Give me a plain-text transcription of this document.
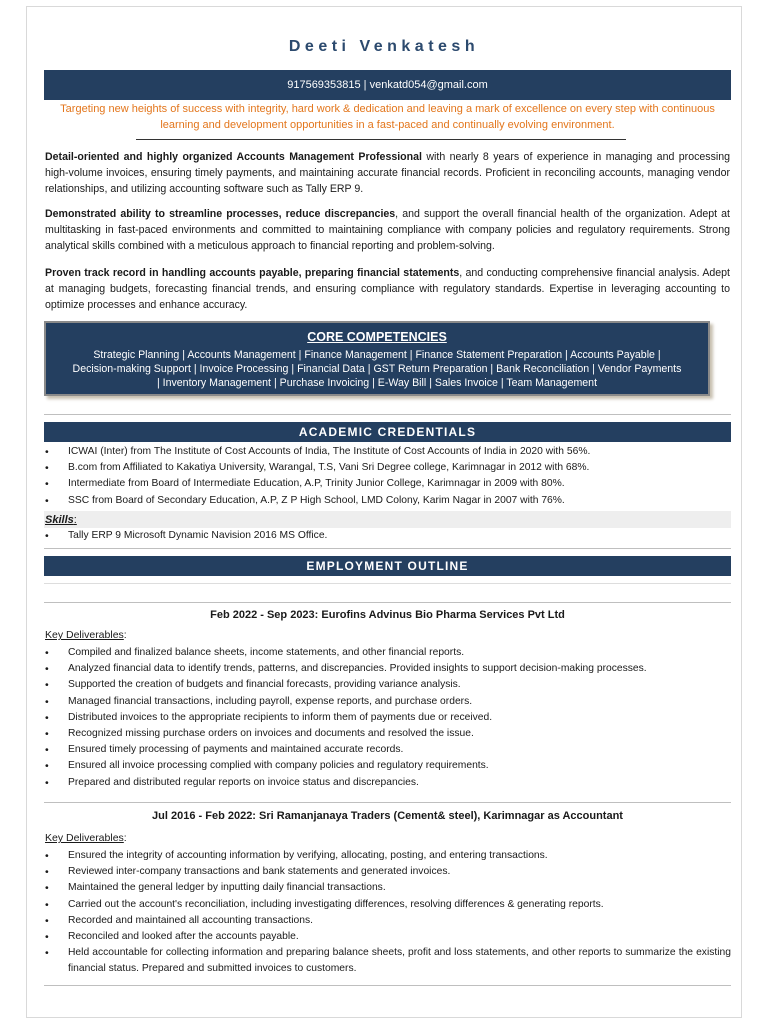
Deeti Venkatesh
917569353815 | venkatd054@gmail.com
Targeting new heights of success with integrity, hard work & dedication and leaving a mark of excellence on every step with continuous learning and development opportunities in a fast-paced and continually evolving environment.
Detail-oriented and highly organized Accounts Management Professional with nearly 8 years of experience in managing and processing high-volume invoices, ensuring timely payments, and maintaining accurate financial records. Proficient in reconciling accounts, managing vendor relationships, and utilizing accounting software such as Tally ERP 9.
Demonstrated ability to streamline processes, reduce discrepancies, and support the overall financial health of the organization. Adept at multitasking in fast-paced environments and committed to maintaining compliance with company policies and regulatory requirements. Strong analytical skills combined with a meticulous approach to financial reporting and problem-solving.
Proven track record in handling accounts payable, preparing financial statements, and conducting comprehensive financial analysis. Adept at managing budgets, forecasting financial trends, and ensuring compliance with regulatory standards. Expertise in leveraging accounting to optimize processes and enhance accuracy.
CORE COMPETENCIES
Strategic Planning | Accounts Management | Finance Management | Finance Statement Preparation | Accounts Payable | Decision-making Support | Invoice Processing | Financial Data | GST Return Preparation | Bank Reconciliation | Vendor Payments | Inventory Management | Purchase Invoicing | E-Way Bill | Sales Invoice | Team Management
ACADEMIC CREDENTIALS
• ICWAI (Inter) from The Institute of Cost Accounts of India, The Institute of Cost Accounts of India in 2020 with 56%.
• B.com from Affiliated to Kakatiya University, Warangal, T.S, Vani Sri Degree college, Karimnagar in 2012 with 68%.
• Intermediate from Board of Intermediate Education, A.P, Trinity Junior College, Karimnagar in 2009 with 80%.
• SSC from Board of Secondary Education, A.P, Z P High School, LMD Colony, Karim Nagar in 2007 with 76%.
Skills:
• Tally ERP 9 Microsoft Dynamic Navision 2016 MS Office.
EMPLOYMENT OUTLINE
Feb 2022 - Sep 2023: Eurofins Advinus Bio Pharma Services Pvt Ltd
Key Deliverables:
• Compiled and finalized balance sheets, income statements, and other financial reports.
• Analyzed financial data to identify trends, patterns, and discrepancies. Provided insights to support decision-making processes.
• Supported the creation of budgets and financial forecasts, providing variance analysis.
• Managed financial transactions, including payroll, expense reports, and purchase orders.
• Distributed invoices to the appropriate recipients to inform them of payments due or received.
• Recognized missing purchase orders on invoices and documents and resolved the issue.
• Ensured timely processing of payments and maintained accurate records.
• Ensured all invoice processing complied with company policies and regulatory requirements.
• Prepared and distributed regular reports on invoice status and discrepancies.
Jul 2016 - Feb 2022: Sri Ramanjanaya Traders (Cement& steel), Karimnagar as Accountant
Key Deliverables:
• Ensured the integrity of accounting information by verifying, allocating, posting, and entering transactions.
• Reviewed inter-company transactions and bank statements and generated invoices.
• Maintained the general ledger by inputting daily financial transactions.
• Carried out the account's reconciliation, including investigating differences, resolving differences & generating reports.
• Recorded and maintained all accounting transactions.
• Reconciled and looked after the accounts payable.
• Held accountable for collecting information and preparing balance sheets, profit and loss statements, and other reports to summarize the existing financial status. Prepared and submitted invoices to customers.
